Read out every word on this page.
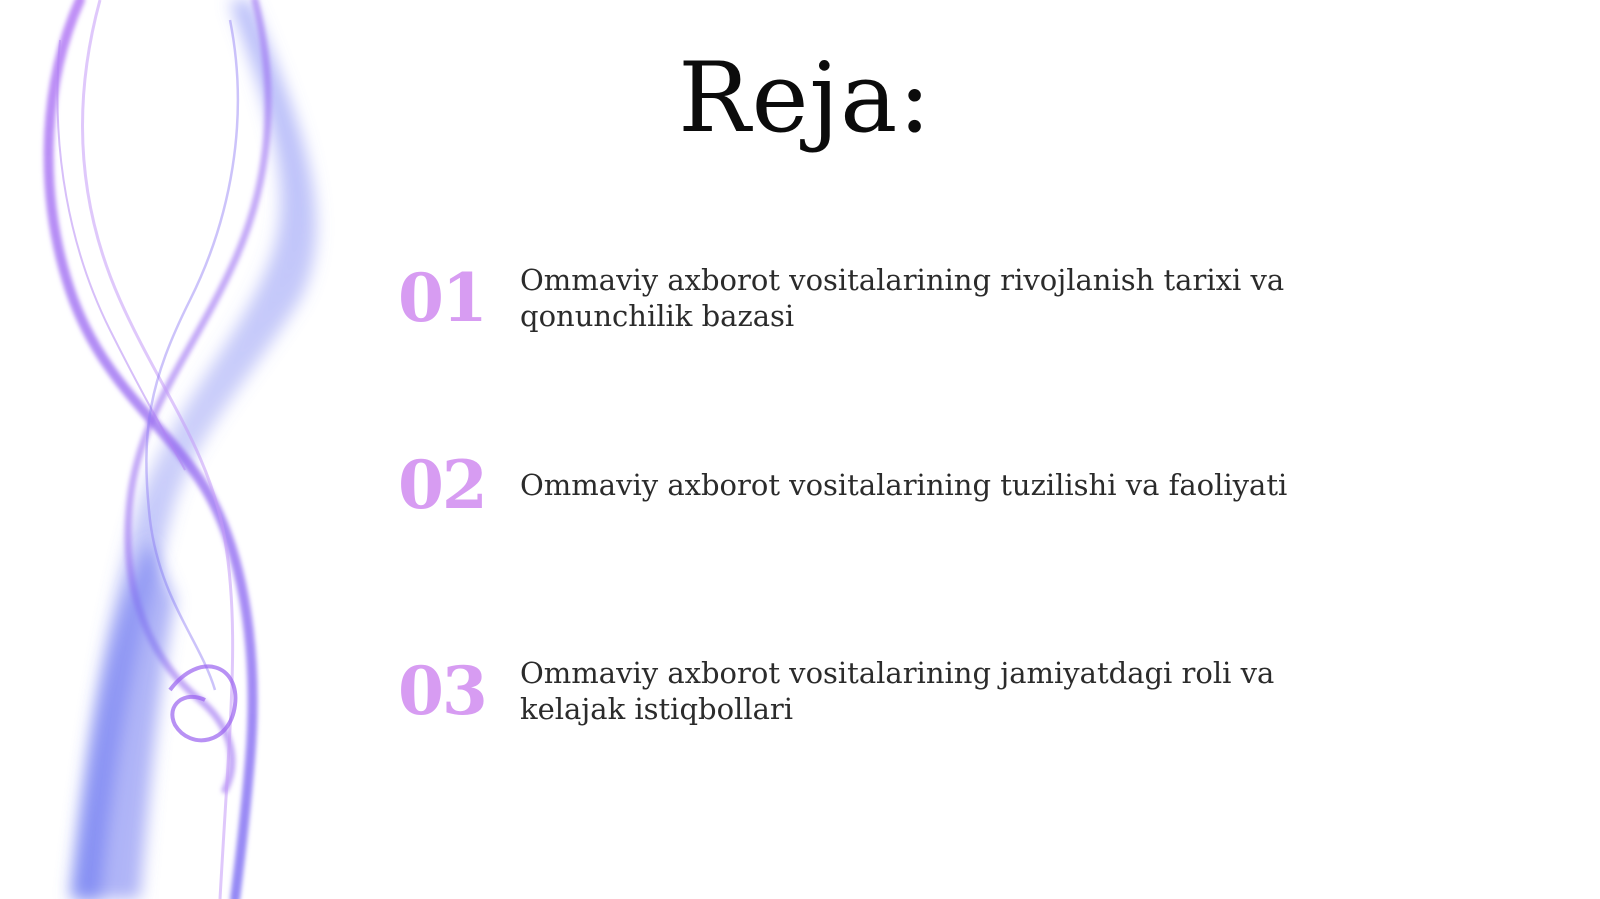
Reja:
01	Ommaviy axborot vositalarining rivojlanish tarixi va qonunchilik bazasi
02	Ommaviy axborot vositalarining tuzilishi va faoliyati
03	Ommaviy axborot vositalarining jamiyatdagi roli va kelajak istiqbollari
